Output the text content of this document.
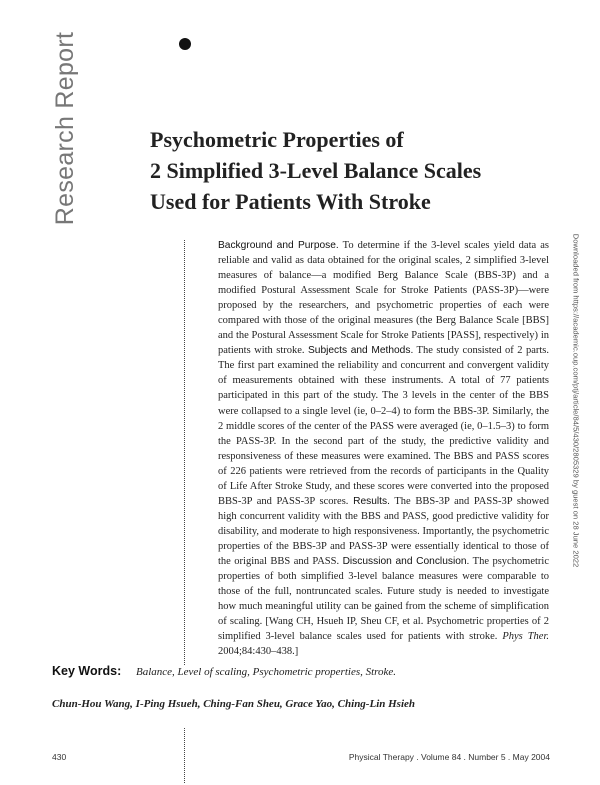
Research Report	Psychometric Properties of
2 Simplified 3-Level Balance Scales
Used for Patients With Stroke
Background and Purpose. To determine if the 3-level scales yield data as reliable and valid as data obtained for the original scales, 2 simplified 3-level measures of balance—a modified Berg Balance Scale (BBS-3P) and a modified Postural Assessment Scale for Stroke Patients (PASS-3P)—were proposed by the researchers, and psychometric properties of each were compared with those of the original measures (the Berg Balance Scale [BBS] and the Postural Assessment Scale for Stroke Patients [PASS], respectively) in patients with stroke. Subjects and Methods. The study consisted of 2 parts. The first part examined the reliability and concurrent and convergent validity of measurements obtained with these instruments. A total of 77 patients participated in this part of the study. The 3 levels in the center of the BBS were collapsed to a single level (ie, 0–2–4) to form the BBS-3P. Similarly, the 2 middle scores of the center of the PASS were averaged (ie, 0–1.5–3) to form the PASS-3P. In the second part of the study, the predictive validity and responsiveness of these measures were examined. The BBS and PASS scores of 226 patients were retrieved from the records of participants in the Quality of Life After Stroke Study, and these scores were converted into the proposed BBS-3P and PASS-3P scores. Results. The BBS-3P and PASS-3P showed high concurrent validity with the BBS and PASS, good predictive validity for disability, and moderate to high responsiveness. Importantly, the psychometric properties of the BBS-3P and PASS-3P were essentially identical to those of the original BBS and PASS. Discussion and Conclusion. The psychometric properties of both simplified 3-level balance measures were comparable to those of the full, nontruncated scales. Future study is needed to investigate how much meaningful utility can be gained from the scheme of simplification of scaling. [Wang CH, Hsueh IP, Sheu CF, et al. Psychometric properties of 2 simplified 3-level balance scales used for patients with stroke. Phys Ther. 2004;84:430–438.]
Downloaded from https://academic.oup.com/ptj/article/84/5/430/2805329 by guest on 28 June 2022
Key Words: Balance, Level of scaling, Psychometric properties, Stroke.
Chun-Hou Wang, I-Ping Hsueh, Ching-Fan Sheu, Grace Yao, Ching-Lin Hsieh
430	Physical Therapy . Volume 84 . Number 5 . May 2004
